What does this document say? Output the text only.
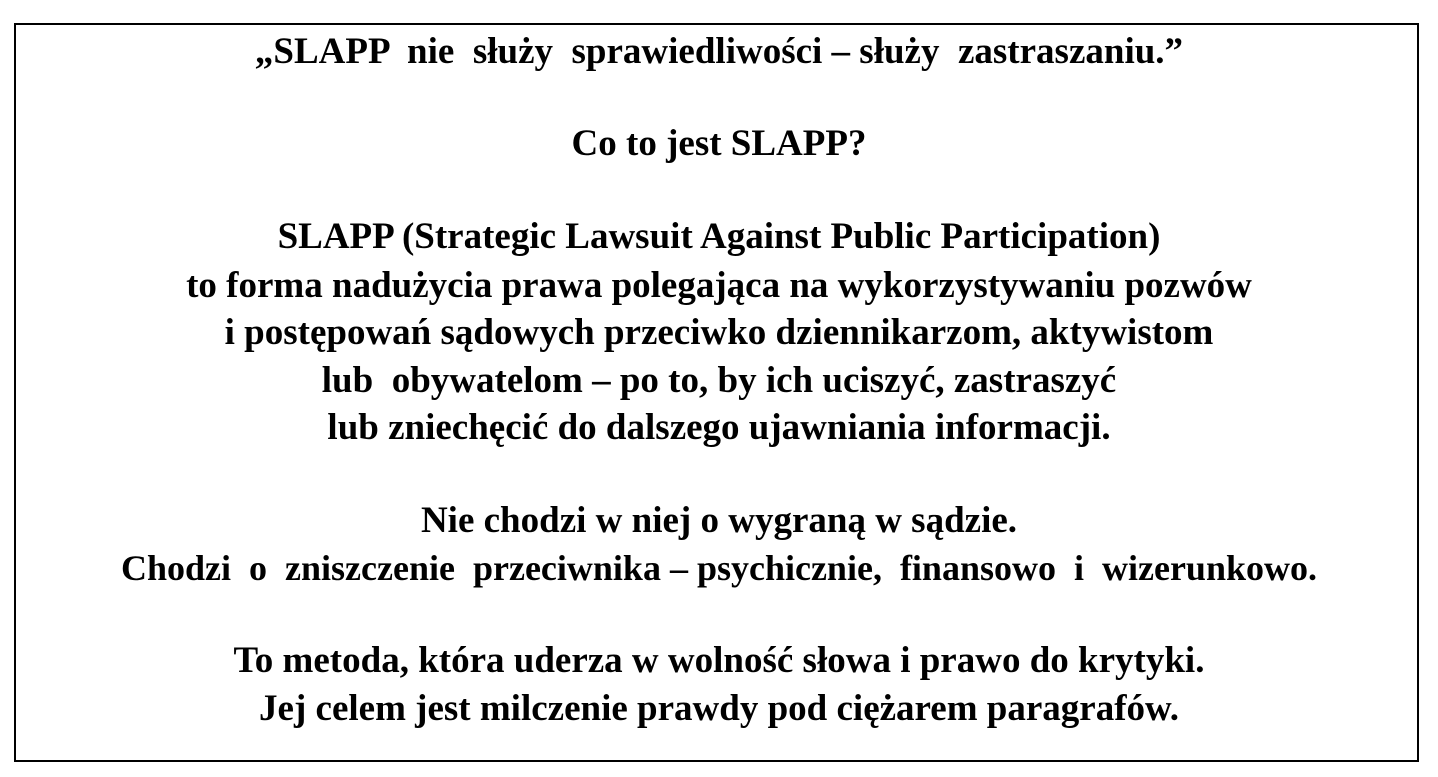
„SLAPP  nie  służy  sprawiedliwości – służy  zastraszaniu.”
Co to jest SLAPP?
SLAPP (Strategic Lawsuit Against Public Participation)
to forma nadużycia prawa polegająca na wykorzystywaniu pozwów
i postępowań sądowych przeciwko dziennikarzom, aktywistom
lub  obywatelom – po to, by ich uciszyć, zastraszyć
lub zniechęcić do dalszego ujawniania informacji.
Nie chodzi w niej o wygraną w sądzie.
Chodzi  o  zniszczenie  przeciwnika – psychicznie,  finansowo  i  wizerunkowo.
To metoda, która uderza w wolność słowa i prawo do krytyki.
Jej celem jest milczenie prawdy pod ciężarem paragrafów.
